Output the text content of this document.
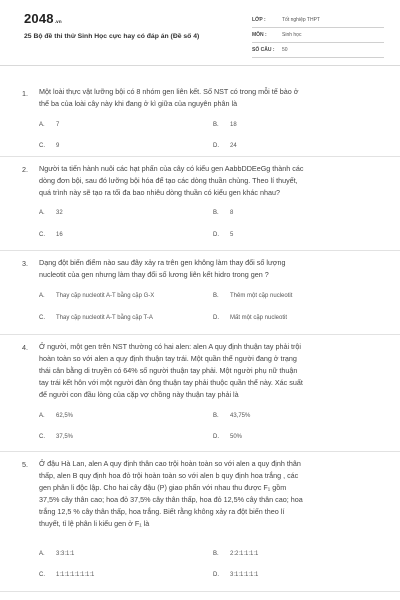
2048.vn
25 Bộ đề thi thử Sinh Học cực hay có đáp án (Đề số 4)
LỚP :	Tốt nghiệp THPT
MÔN :	Sinh học
SỐ CÂU :	50
1. Một loài thực vật lưỡng bội có 8 nhóm gen liên kết. Số NST có trong mỗi tế bào ở
thể ba của loài cây này khi đang ở kì giữa của nguyên phân là
A. 7	B. 18
C. 9	D. 24
2. Người ta tiến hành nuôi các hạt phấn của cây có kiểu gen AabbDDEeGg thành các
dòng đơn bội, sau đó lưỡng bội hóa để tạo các dòng thuần chủng. Theo lí thuyết,
quá trình này sẽ tạo ra tối đa bao nhiêu dòng thuần có kiểu gen khác nhau?
A. 32	B. 8
C. 16	D. 5
3. Dạng đột biến điểm nào sau đây xảy ra trên gen không làm thay đổi số lượng
nucleotit của gen nhưng làm thay đổi số lương liên kết hidro trong gen ?
A. Thay cặp nucleotit A-T bằng cặp G-X	B. Thêm một cặp nucleotit
C. Thay cặp nucleotit A-T bằng cặp T-A	D. Mất một cặp nucleotit
4. Ở người, một gen trên NST thường có hai alen: alen A quy định thuận tay phải trội
hoàn toàn so với alen a quy định thuận tay trái. Một quần thể người đang ở trạng
thái cân bằng di truyền có 64% số người thuận tay phải. Một người phụ nữ thuận
tay trái kết hôn với một người đàn ông thuận tay phải thuộc quần thể này. Xác suất
để người con đầu lòng của cặp vợ chồng này thuận tay phải là
A. 62,5%	B. 43,75%
C. 37,5%	D. 50%
5. Ở đậu Hà Lan, alen A quy định thân cao trội hoàn toàn so với alen a quy định thân
thấp, alen B quy định hoa đỏ trội hoàn toàn so với alen b quy định hoa trắng , các
gen phân li độc lập. Cho hai cây đậu (P) giao phấn với nhau thu được F₁ gồm
37,5% cây thân cao; hoa đỏ 37,5% cây thân thấp, hoa đỏ 12,5% cây thân cao; hoa
trắng 12,5 % cây thân thấp, hoa trắng. Biết rằng không xảy ra đột biến theo lí
thuyết, tỉ lệ phân li kiểu gen ở F₁ là
A. 3:3:1:1	B. 2:2:1:1:1:1
C. 1:1:1:1:1:1:1:1	D. 3:1:1:1:1:1
